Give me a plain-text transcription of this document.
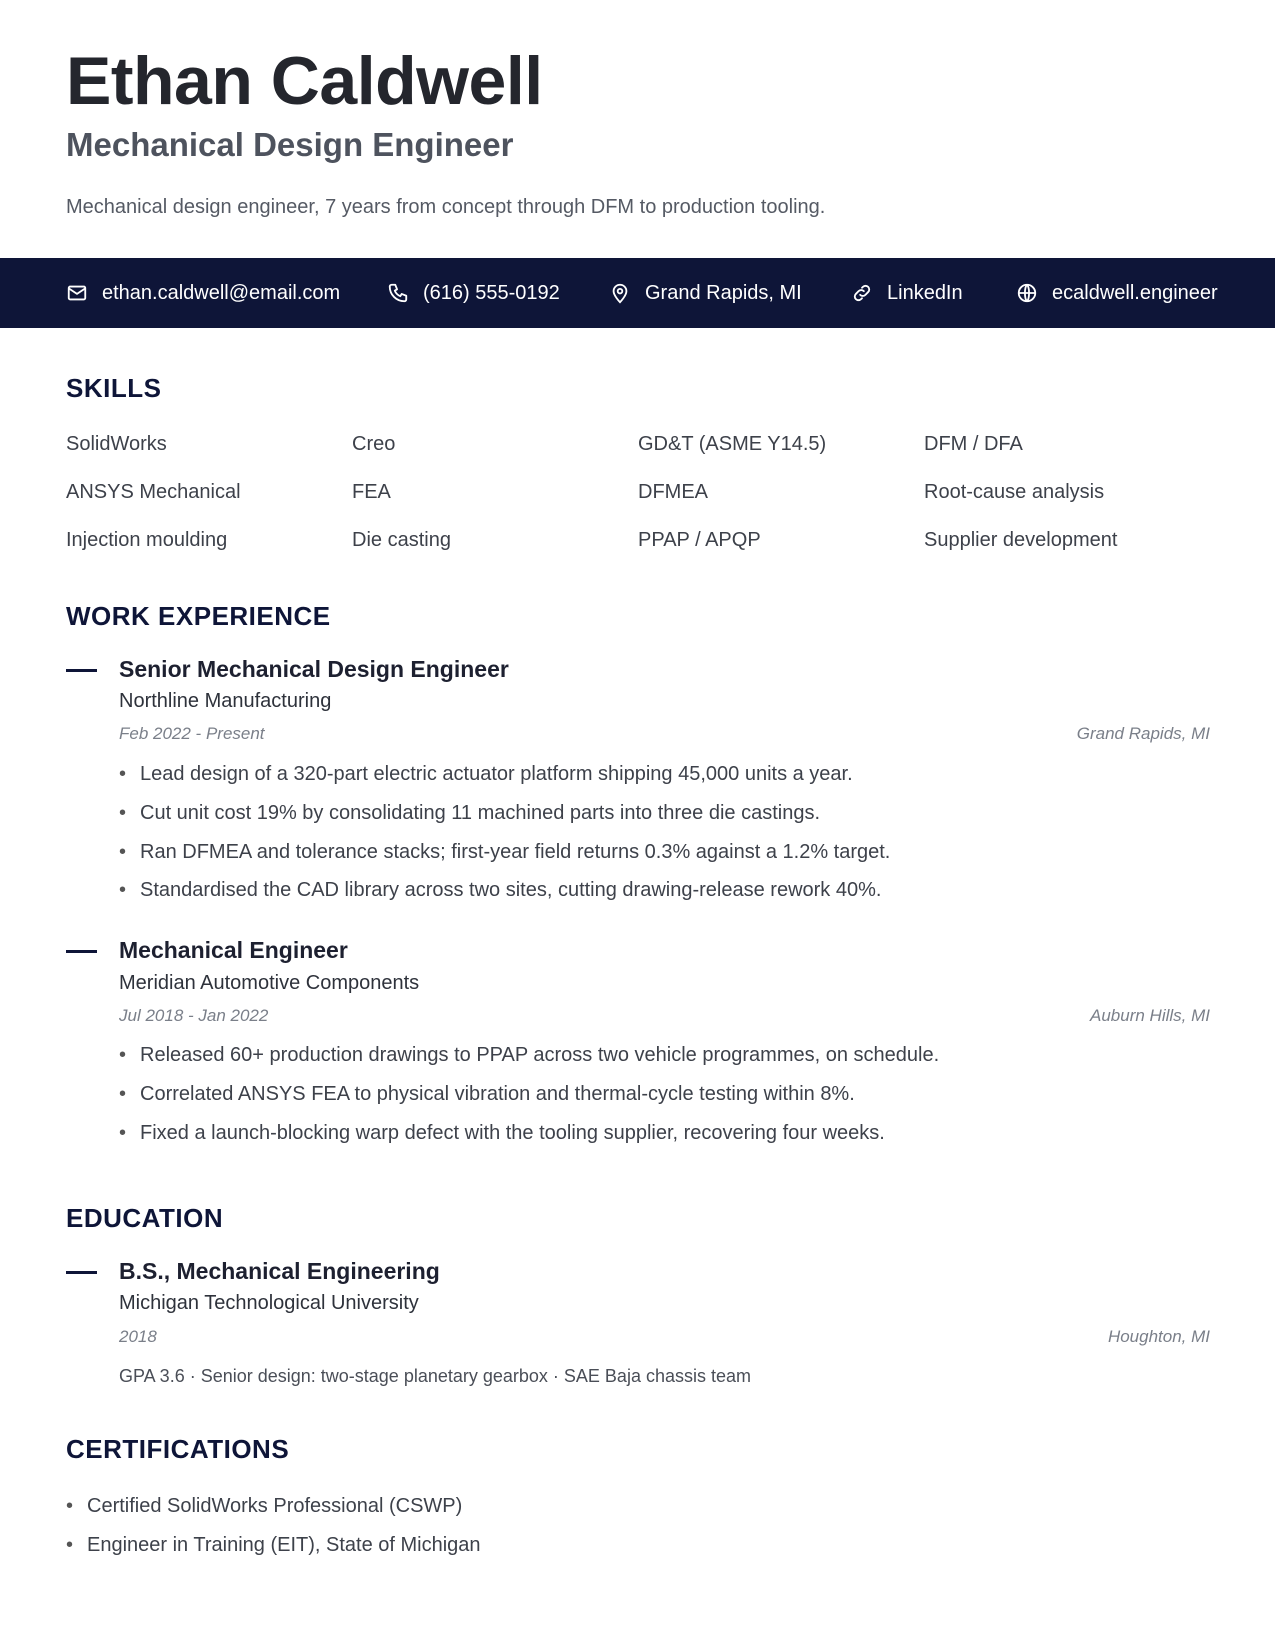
Ethan Caldwell
Mechanical Design Engineer
Mechanical design engineer, 7 years from concept through DFM to production tooling.
ethan.caldwell@email.com	(616) 555-0192	Grand Rapids, MI	LinkedIn	ecaldwell.engineer
SKILLS
SolidWorks	Creo	GD&T (ASME Y14.5)	DFM / DFA
ANSYS Mechanical	FEA	DFMEA	Root-cause analysis
Injection moulding	Die casting	PPAP / APQP	Supplier development
WORK EXPERIENCE
Senior Mechanical Design Engineer
Northline Manufacturing
Feb 2022 - Present	Grand Rapids, MI
• Lead design of a 320-part electric actuator platform shipping 45,000 units a year.
• Cut unit cost 19% by consolidating 11 machined parts into three die castings.
• Ran DFMEA and tolerance stacks; first-year field returns 0.3% against a 1.2% target.
• Standardised the CAD library across two sites, cutting drawing-release rework 40%.
Mechanical Engineer
Meridian Automotive Components
Jul 2018 - Jan 2022	Auburn Hills, MI
• Released 60+ production drawings to PPAP across two vehicle programmes, on schedule.
• Correlated ANSYS FEA to physical vibration and thermal-cycle testing within 8%.
• Fixed a launch-blocking warp defect with the tooling supplier, recovering four weeks.
EDUCATION
B.S., Mechanical Engineering
Michigan Technological University
2018	Houghton, MI
GPA 3.6 · Senior design: two-stage planetary gearbox · SAE Baja chassis team
CERTIFICATIONS
• Certified SolidWorks Professional (CSWP)
• Engineer in Training (EIT), State of Michigan
